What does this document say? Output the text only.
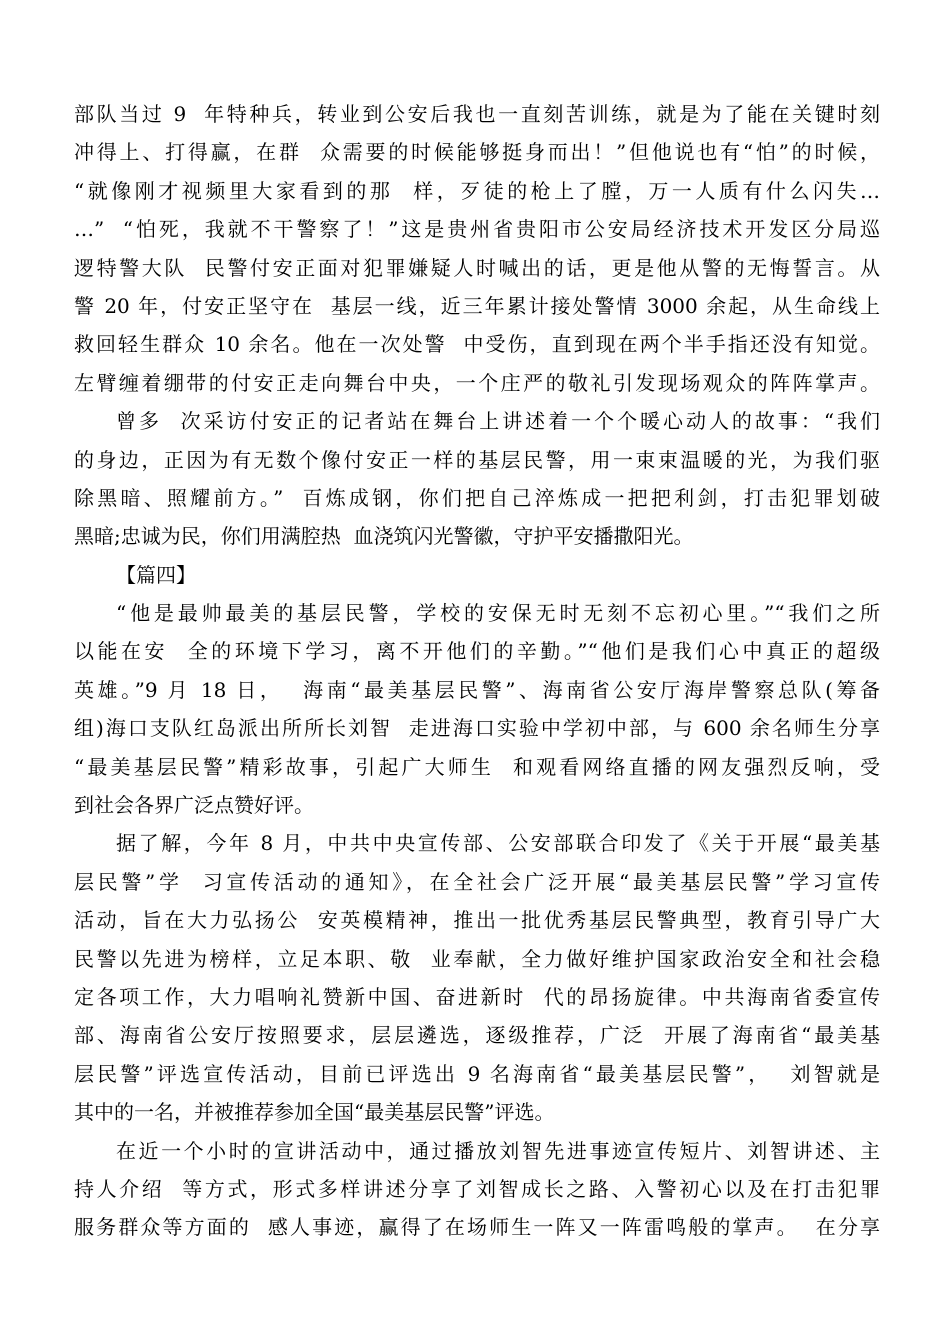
部队当过 9  年特种兵，转业到公安后我也一直刻苦训练，就是为了能在关键时刻
冲得上、打得赢，在群  众需要的时候能够挺身而出！”但他说也有“怕”的时候，
“就像刚才视频里大家看到的那  样，歹徒的枪上了膛，万一人质有什么闪失…
…”  “怕死，我就不干警察了！”这是贵州省贵阳市公安局经济技术开发区分局巡
逻特警大队  民警付安正面对犯罪嫌疑人时喊出的话，更是他从警的无悔誓言。从
警 20 年，付安正坚守在  基层一线，近三年累计接处警情 3000 余起，从生命线上
救回轻生群众 10 余名。他在一次处警  中受伤，直到现在两个半手指还没有知觉。
左臂缠着绷带的付安正走向舞台中央，一个庄严的敬礼引发现场观众的阵阵掌声。
曾多  次采访付安正的记者站在舞台上讲述着一个个暖心动人的故事：“我们
的身边，正因为有无数个像付安正一样的基层民警，用一束束温暖的光，为我们驱
除黑暗、照耀前方。”  百炼成钢，你们把自己淬炼成一把把利剑，打击犯罪划破
黑暗;忠诚为民，你们用满腔热  血浇筑闪光警徽，守护平安播撒阳光。
【篇四】
“他是最帅最美的基层民警，学校的安保无时无刻不忘初心里。”“我们之所
以能在安  全的环境下学习，离不开他们的辛勤。”“他们是我们心中真正的超级
英雄。”9 月 18 日，  海南“最美基层民警”、海南省公安厅海岸警察总队(筹备
组)海口支队红岛派出所所长刘智  走进海口实验中学初中部，与 600 余名师生分享
“最美基层民警”精彩故事，引起广大师生  和观看网络直播的网友强烈反响，受
到社会各界广泛点赞好评。
据了解，今年 8 月，中共中央宣传部、公安部联合印发了《关于开展“最美基
层民警”学  习宣传活动的通知》，在全社会广泛开展“最美基层民警”学习宣传
活动，旨在大力弘扬公  安英模精神，推出一批优秀基层民警典型，教育引导广大
民警以先进为榜样，立足本职、敬  业奉献，全力做好维护国家政治安全和社会稳
定各项工作，大力唱响礼赞新中国、奋进新时  代的昂扬旋律。中共海南省委宣传
部、海南省公安厅按照要求，层层遴选，逐级推荐，广泛  开展了海南省“最美基
层民警”评选宣传活动，目前已评选出 9 名海南省“最美基层民警”，  刘智就是
其中的一名，并被推荐参加全国“最美基层民警”评选。
在近一个小时的宣讲活动中，通过播放刘智先进事迹宣传短片、刘智讲述、主
持人介绍  等方式，形式多样讲述分享了刘智成长之路、入警初心以及在打击犯罪
服务群众等方面的  感人事迹，赢得了在场师生一阵又一阵雷鸣般的掌声。  在分享
